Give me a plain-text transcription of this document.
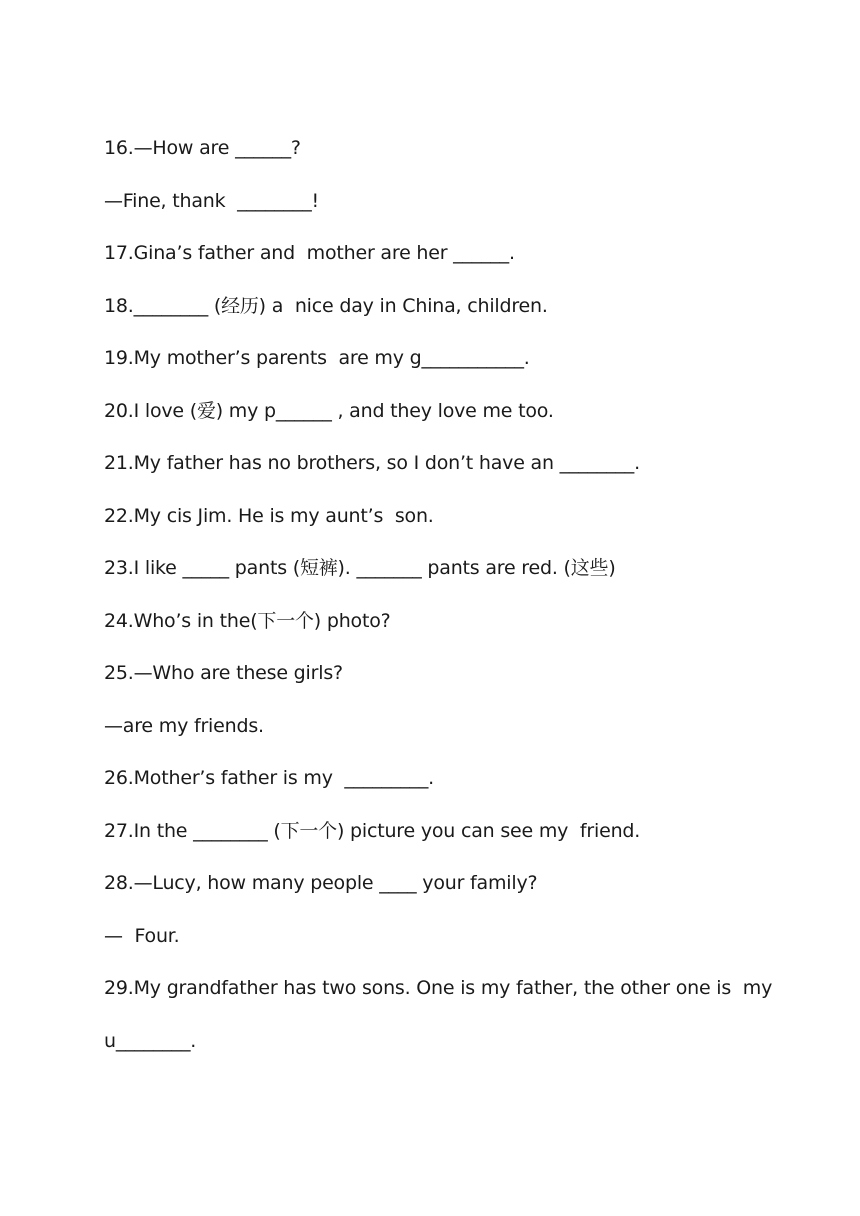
16.—How are ______?
—Fine, thank  ________!
17.Gina’s father and  mother are her ______.
18.________ (经历) a  nice day in China, children.
19.My mother’s parents  are my g___________.
20.I love (爱) my p______ , and they love me too.
21.My father has no brothers, so I don’t have an ________.
22.My cis Jim. He is my aunt’s  son.
23.I like _____ pants (短裤). _______ pants are red. (这些)
24.Who’s in the(下一个) photo?
25.—Who are these girls?
—are my friends.
26.Mother’s father is my  _________.
27.In the ________ (下一个) picture you can see my  friend.
28.—Lucy, how many people ____ your family?
—  Four.
29.My grandfather has two sons. One is my father, the other one is  my
u________.
